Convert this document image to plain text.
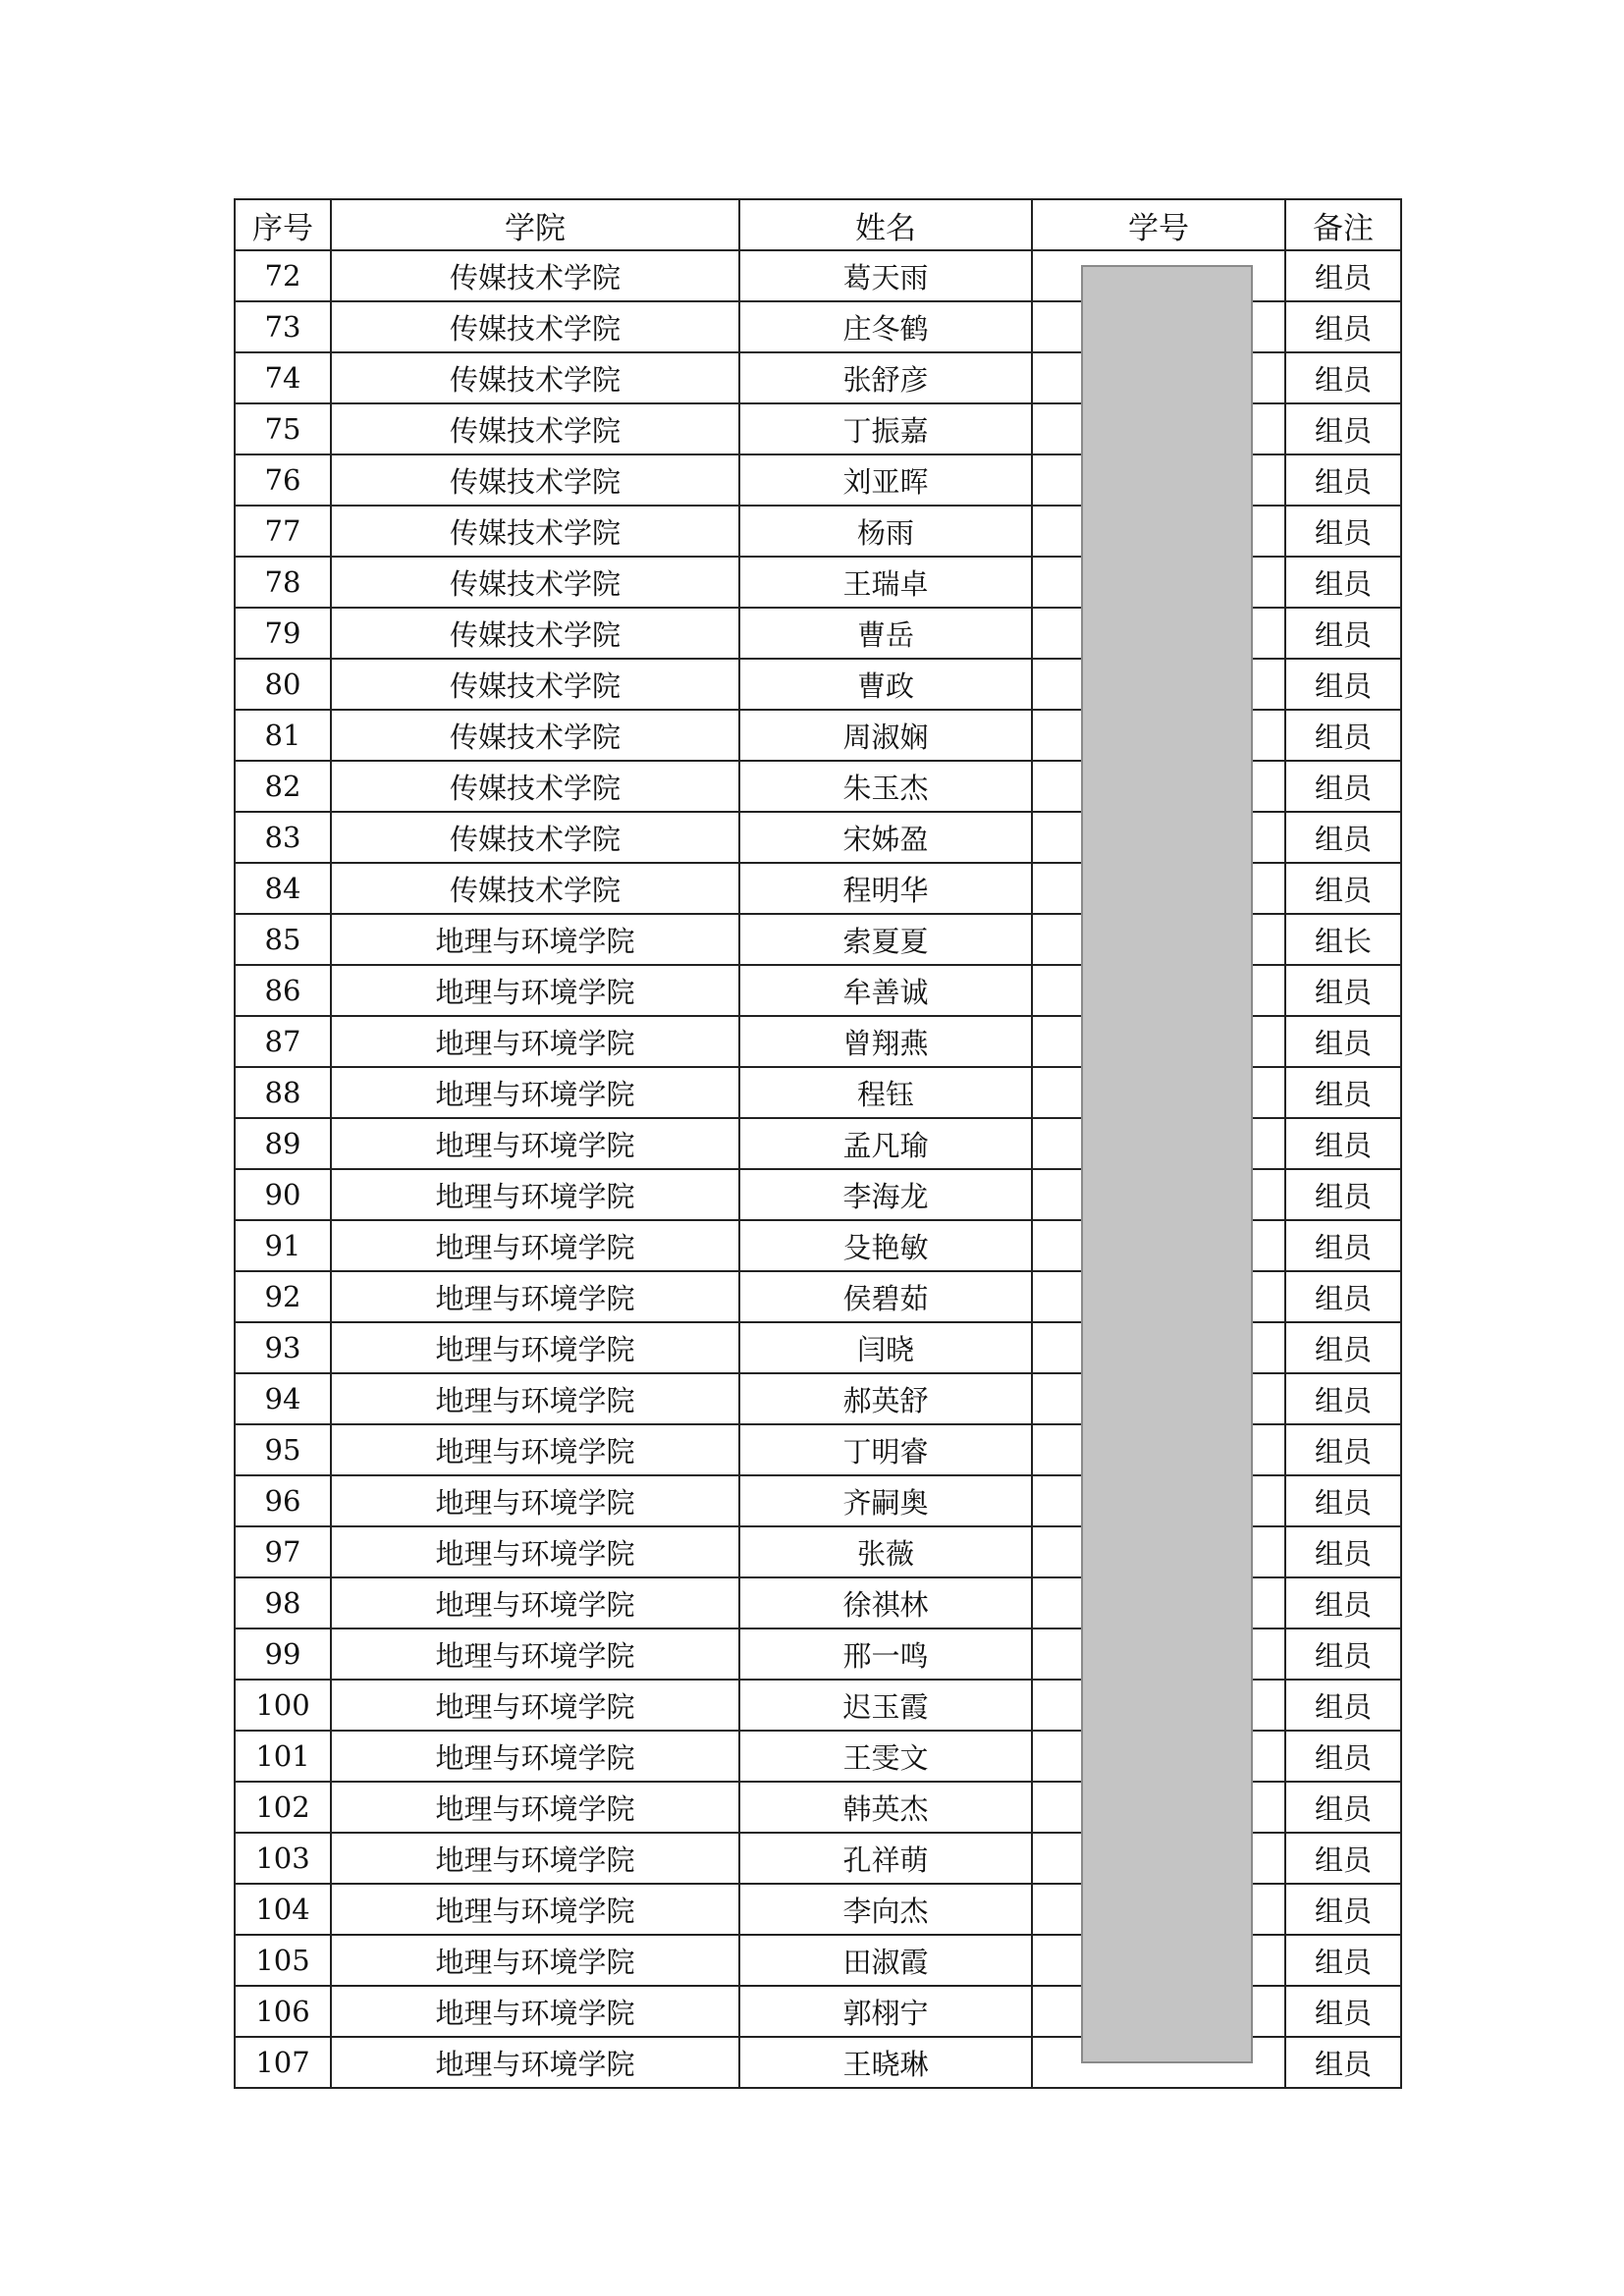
序号	学院	姓名	学号	备注
72	传媒技术学院	葛天雨		组员
73	传媒技术学院	庄冬鹤		组员
74	传媒技术学院	张舒彦		组员
75	传媒技术学院	丁振嘉		组员
76	传媒技术学院	刘亚晖		组员
77	传媒技术学院	杨雨		组员
78	传媒技术学院	王瑞卓		组员
79	传媒技术学院	曹岳		组员
80	传媒技术学院	曹政		组员
81	传媒技术学院	周淑娴		组员
82	传媒技术学院	朱玉杰		组员
83	传媒技术学院	宋姊盈		组员
84	传媒技术学院	程明华		组员
85	地理与环境学院	索夏夏		组长
86	地理与环境学院	牟善诚		组员
87	地理与环境学院	曾翔燕		组员
88	地理与环境学院	程钰		组员
89	地理与环境学院	孟凡瑜		组员
90	地理与环境学院	李海龙		组员
91	地理与环境学院	殳艳敏		组员
92	地理与环境学院	侯碧茹		组员
93	地理与环境学院	闫晓		组员
94	地理与环境学院	郝英舒		组员
95	地理与环境学院	丁明睿		组员
96	地理与环境学院	齐嗣奥		组员
97	地理与环境学院	张薇		组员
98	地理与环境学院	徐祺林		组员
99	地理与环境学院	邢一鸣		组员
100	地理与环境学院	迟玉霞		组员
101	地理与环境学院	王雯文		组员
102	地理与环境学院	韩英杰		组员
103	地理与环境学院	孔祥萌		组员
104	地理与环境学院	李向杰		组员
105	地理与环境学院	田淑霞		组员
106	地理与环境学院	郭栩宁		组员
107	地理与环境学院	王晓琳		组员
